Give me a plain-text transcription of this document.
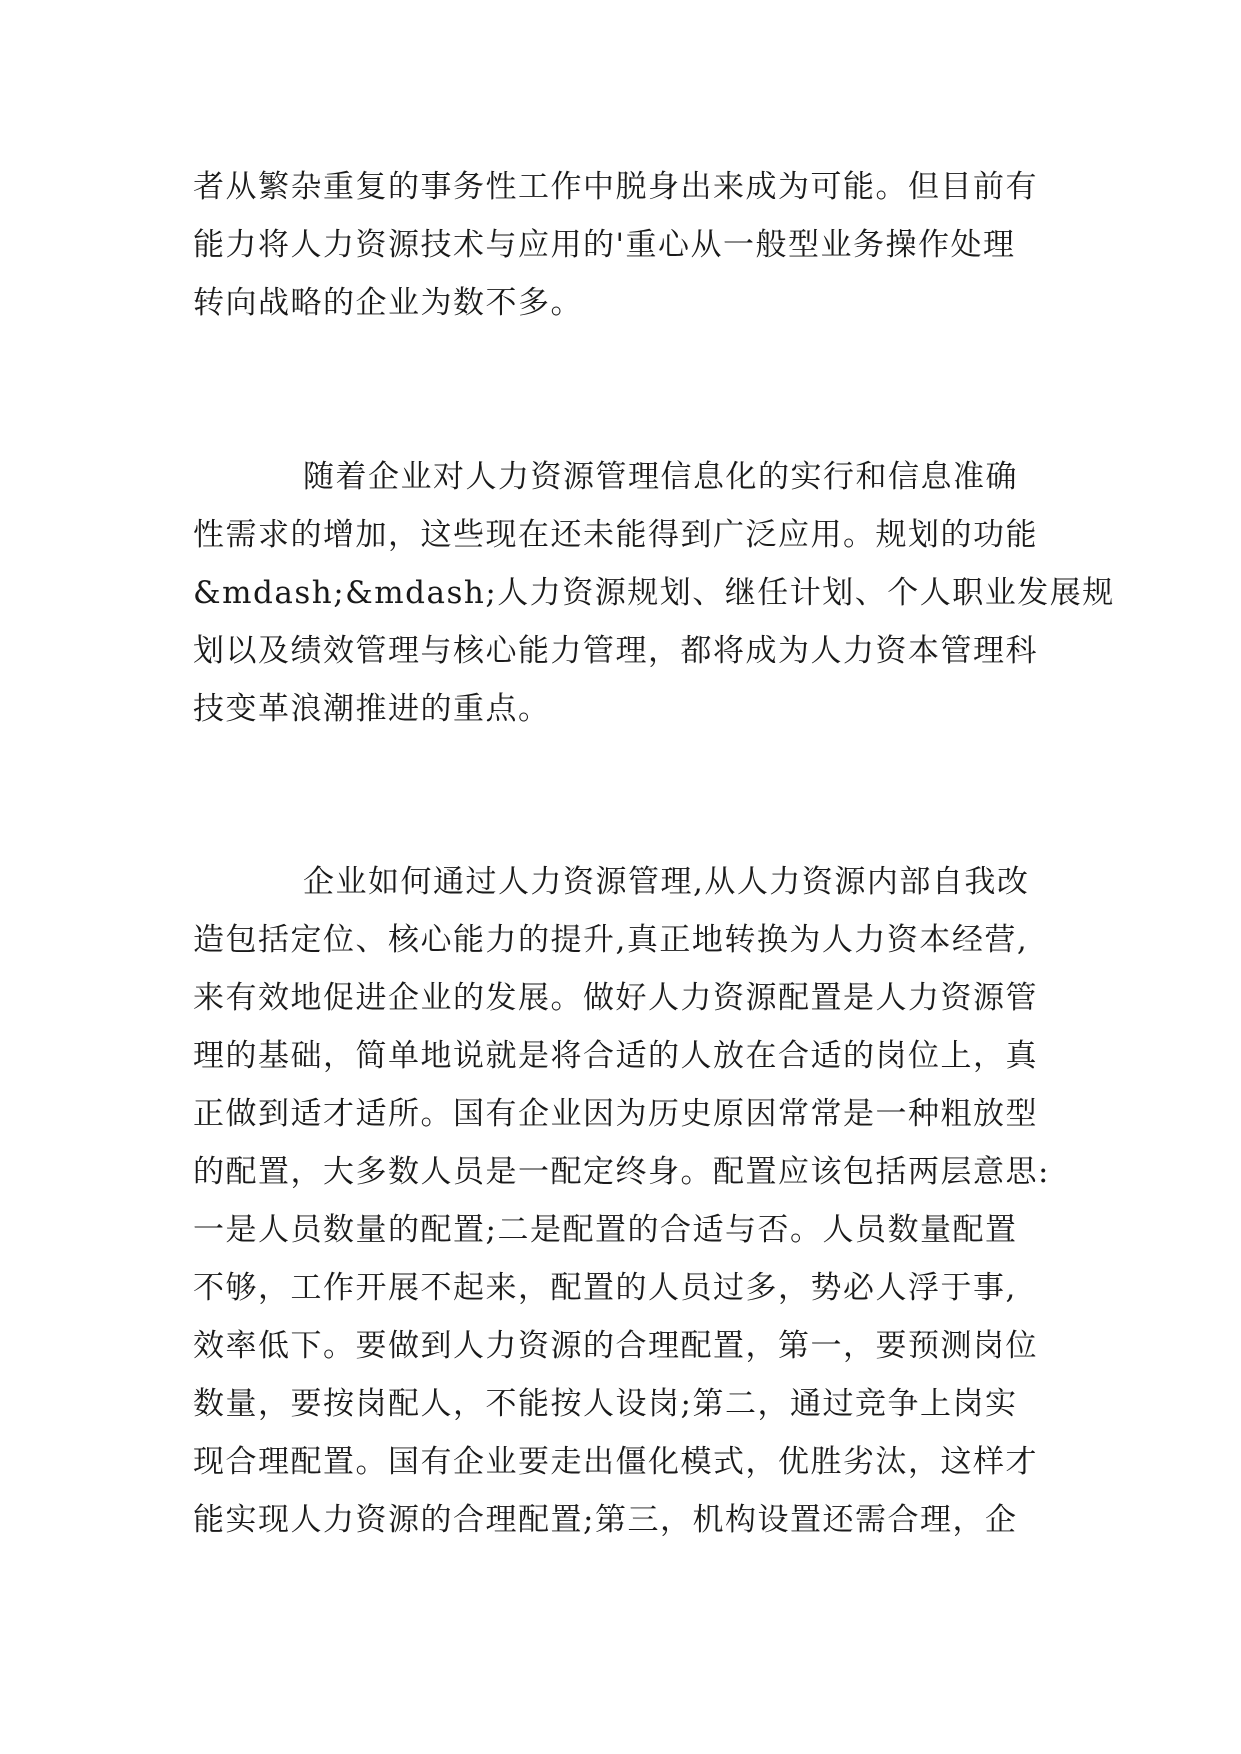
者从繁杂重复的事务性工作中脱身出来成为可能。但目前有
能力将人力资源技术与应用的'重心从一般型业务操作处理
转向战略的企业为数不多。
随着企业对人力资源管理信息化的实行和信息准确
性需求的增加，这些现在还未能得到广泛应用。规划的功能
&mdash;&mdash;人力资源规划、继任计划、个人职业发展规
划以及绩效管理与核心能力管理，都将成为人力资本管理科
技变革浪潮推进的重点。
企业如何通过人力资源管理,从人力资源内部自我改
造包括定位、核心能力的提升,真正地转换为人力资本经营,
来有效地促进企业的发展。做好人力资源配置是人力资源管
理的基础，简单地说就是将合适的人放在合适的岗位上，真
正做到适才适所。国有企业因为历史原因常常是一种粗放型
的配置，大多数人员是一配定终身。配置应该包括两层意思:
一是人员数量的配置;二是配置的合适与否。人员数量配置
不够，工作开展不起来，配置的人员过多，势必人浮于事,
效率低下。要做到人力资源的合理配置，第一，要预测岗位
数量，要按岗配人，不能按人设岗;第二，通过竞争上岗实
现合理配置。国有企业要走出僵化模式，优胜劣汰，这样才
能实现人力资源的合理配置;第三，机构设置还需合理，企
